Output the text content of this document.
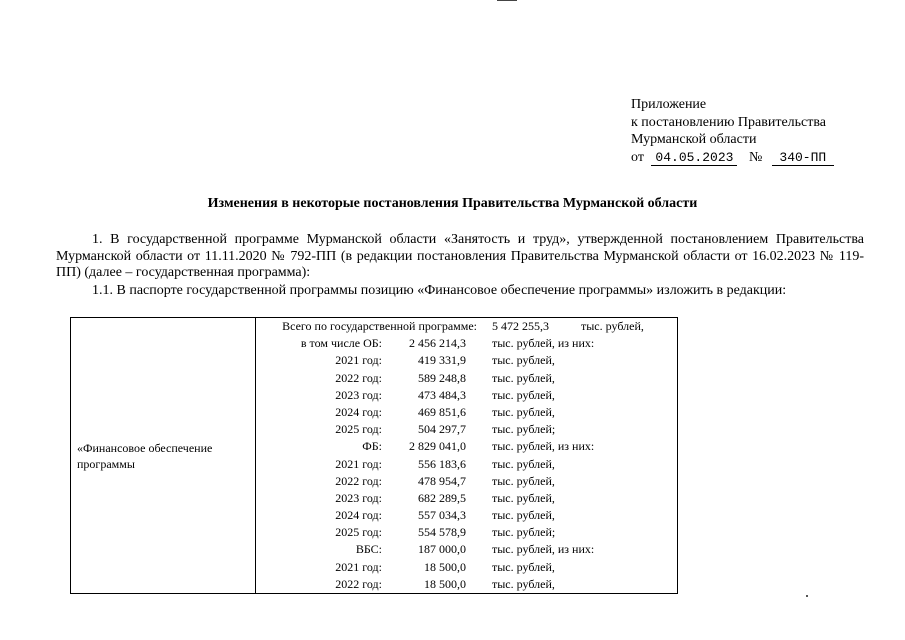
Приложение
к постановлению Правительства
Мурманской области
от 04.05.2023 № 340-ПП
Изменения в некоторые постановления Правительства Мурманской области
1. В государственной программе Мурманской области «Занятость и труд», утвержденной постановлением Правительства Мурманской области от 11.11.2020 № 792-ПП (в редакции постановления Правительства Мурманской области от 16.02.2023 № 119-ПП) (далее – государственная программа):
1.1. В паспорте государственной программы позицию «Финансовое обеспечение программы» изложить в редакции:
«Финансовое обеспечение программы	
Всего по государственной программе:	5 472 255,3	тыс. рублей,
в том числе ОБ:	2 456 214,3	тыс. рублей, из них:
2021 год:	419 331,9	тыс. рублей,
2022 год:	589 248,8	тыс. рублей,
2023 год:	473 484,3	тыс. рублей,
2024 год:	469 851,6	тыс. рублей,
2025 год:	504 297,7	тыс. рублей;
ФБ:	2 829 041,0	тыс. рублей, из них:
2021 год:	556 183,6	тыс. рублей,
2022 год:	478 954,7	тыс. рублей,
2023 год:	682 289,5	тыс. рублей,
2024 год:	557 034,3	тыс. рублей,
2025 год:	554 578,9	тыс. рублей;
ВБС:	187 000,0	тыс. рублей, из них:
2021 год:	18 500,0	тыс. рублей,
2022 год:	18 500,0	тыс. рублей,
